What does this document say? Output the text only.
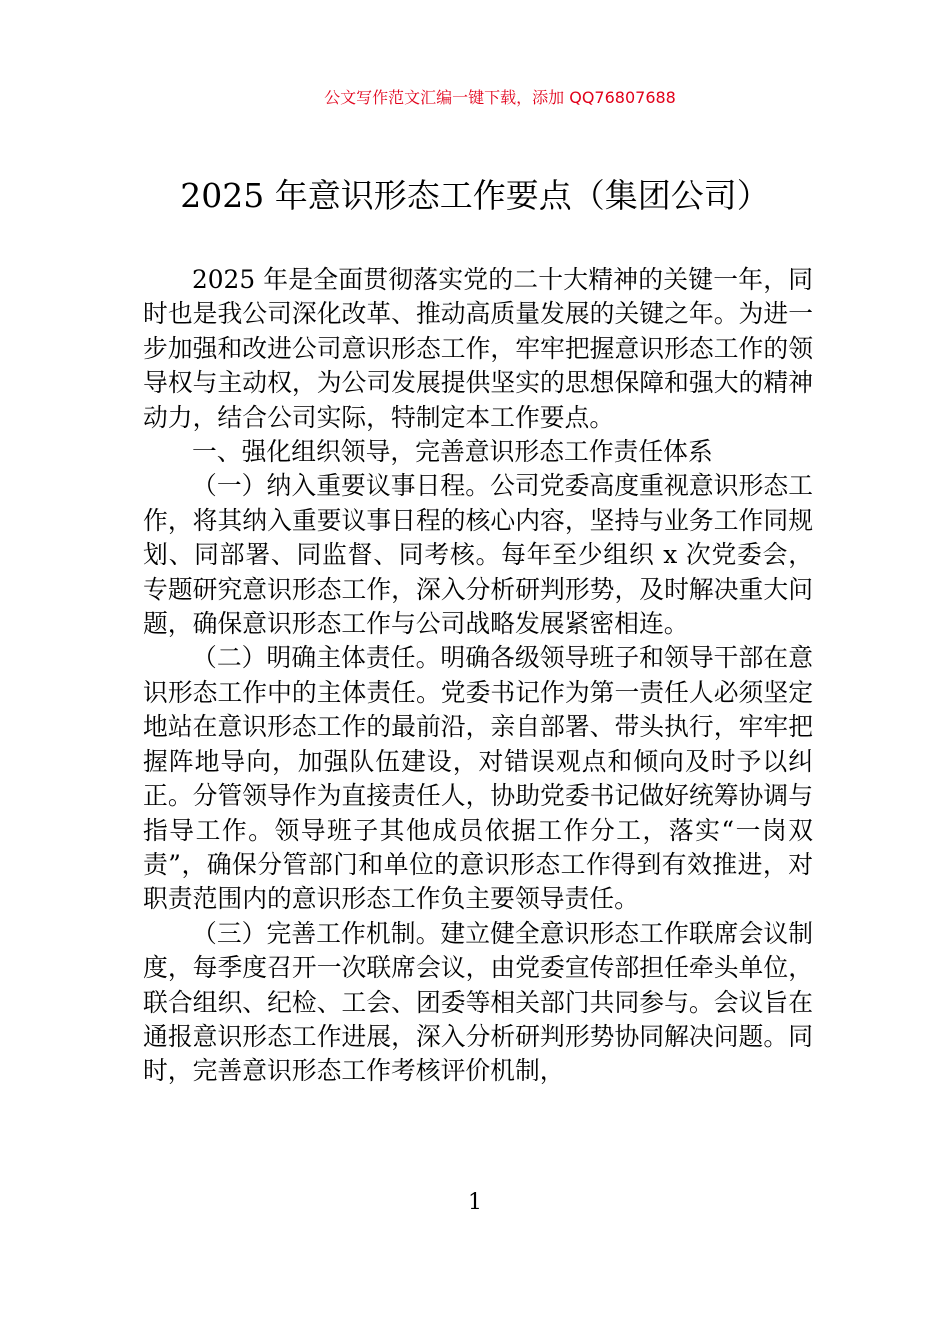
公文写作范文汇编一键下载，添加 QQ76807688
2025 年意识形态工作要点（集团公司）

2025 年是全面贯彻落实党的二十大精神的关键一年，同时也是我公司深化改革、推动高质量发展的关键之年。为进一步加强和改进公司意识形态工作，牢牢把握意识形态工作的领导权与主动权，为公司发展提供坚实的思想保障和强大的精神动力，结合公司实际，特制定本工作要点。

一、强化组织领导，完善意识形态工作责任体系

（一）纳入重要议事日程。公司党委高度重视意识形态工作，将其纳入重要议事日程的核心内容，坚持与业务工作同规划、同部署、同监督、同考核。每年至少组织 x 次党委会，专题研究意识形态工作，深入分析研判形势，及时解决重大问题，确保意识形态工作与公司战略发展紧密相连。

（二）明确主体责任。明确各级领导班子和领导干部在意识形态工作中的主体责任。党委书记作为第一责任人必须坚定地站在意识形态工作的最前沿，亲自部署、带头执行，牢牢把握阵地导向，加强队伍建设，对错误观点和倾向及时予以纠正。分管领导作为直接责任人，协助党委书记做好统筹协调与指导工作。领导班子其他成员依据工作分工，落实“一岗双责”，确保分管部门和单位的意识形态工作得到有效推进，对职责范围内的意识形态工作负主要领导责任。

（三）完善工作机制。建立健全意识形态工作联席会议制度，每季度召开一次联席会议，由党委宣传部担任牵头单位，联合组织、纪检、工会、团委等相关部门共同参与。会议旨在通报意识形态工作进展，深入分析研判形势协同解决问题。同时，完善意识形态工作考核评价机制，

1
